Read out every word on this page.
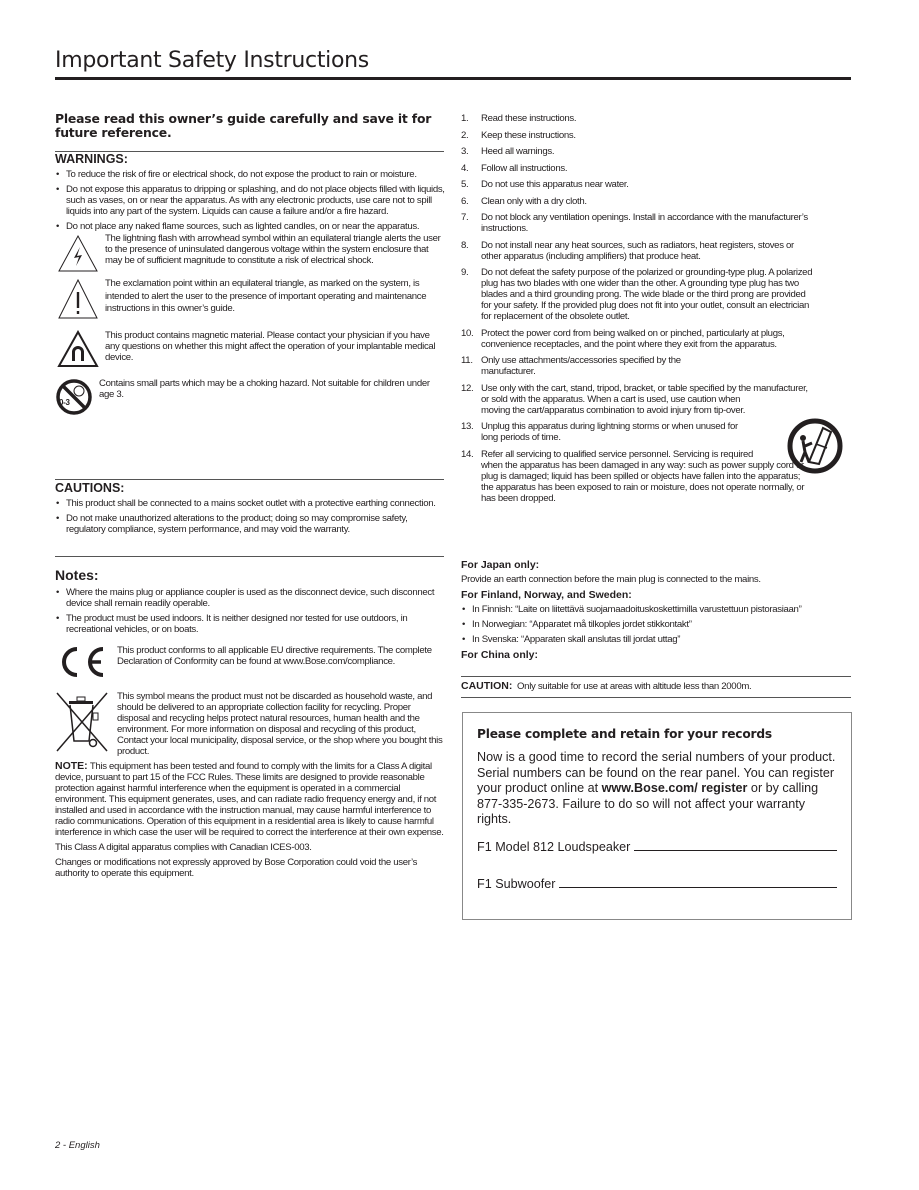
Important Safety Instructions
Please read this owner’s guide carefully and save it for future reference.
WARNINGS:
• To reduce the risk of fire or electrical shock, do not expose the product to rain or moisture.
• Do not expose this apparatus to dripping or splashing, and do not place objects filled with liquids, such as vases, on or near the apparatus. As with any electronic products, use care not to spill liquids into any part of the system. Liquids can cause a failure and/or a fire hazard.
• Do not place any naked flame sources, such as lighted candles, on or near the apparatus.
The lightning flash with arrowhead symbol within an equilateral triangle alerts the user to the presence of uninsulated dangerous voltage within the system enclosure that may be of sufficient magnitude to constitute a risk of electrical shock.
The exclamation point within an equilateral triangle, as marked on the system, is intended to alert the user to the presence of important operating and maintenance instructions in this owner’s guide.
This product contains magnetic material. Please contact your physician if you have any questions on whether this might affect the operation of your implantable medical device.
0-3
Contains small parts which may be a choking hazard. Not suitable for children under age 3.
CAUTIONS:
• This product shall be connected to a mains socket outlet with a protective earthing connection.
• Do not make unauthorized alterations to the product; doing so may compromise safety, regulatory compliance, system performance, and may void the warranty.
Notes:
• Where the mains plug or appliance coupler is used as the disconnect device, such disconnect device shall remain readily operable.
• The product must be used indoors. It is neither designed nor tested for use outdoors, in recreational vehicles, or on boats.
This product conforms to all applicable EU directive requirements. The complete Declaration of Conformity can be found at www.Bose.com/compliance.
This symbol means the product must not be discarded as household waste, and should be delivered to an appropriate collection facility for recycling. Proper disposal and recycling helps protect natural resources, human health and the environment. For more information on disposal and recycling of this product, Contact your local municipality, disposal service, or the shop where you bought this product.

NOTE: This equipment has been tested and found to comply with the limits for a Class A digital device, pursuant to part 15 of the FCC Rules. These limits are designed to provide reasonable protection against harmful interference when the equipment is operated in a commercial environment. This equipment generates, uses, and can radiate radio frequency energy and, if not installed and used in accordance with the instruction manual, may cause harmful interference to radio communications. Operation of this equipment in a residential area is likely to cause harmful interference in which case the user will be required to correct the interference at their own expense.

This Class A digital apparatus complies with Canadian ICES-003.

Changes or modifications not expressly approved by Bose Corporation could void the user’s authority to operate this equipment.

1.	Read these instructions.
2.	Keep these instructions.
3.	Heed all warnings.
4.	Follow all instructions.
5.	Do not use this apparatus near water.
6.	Clean only with a dry cloth.
7.	Do not block any ventilation openings. Install in accordance with the manufacturer’s
instructions.
8.	Do not install near any heat sources, such as radiators, heat registers, stoves or
other apparatus (including amplifiers) that produce heat.
9.	Do not defeat the safety purpose of the polarized or grounding-type plug. A polarized
plug has two blades with one wider than the other. A grounding type plug has two
blades and a third grounding prong. The wide blade or the third prong are provided
for your safety. If the provided plug does not fit into your outlet, consult an electrician
for replacement of the obsolete outlet.
10. Protect the power cord from being walked on or pinched, particularly at plugs,
convenience receptacles, and the point where they exit from the apparatus.
11. Only use attachments/accessories specified by the
manufacturer.
12. Use only with the cart, stand, tripod, bracket, or table specified by the manufacturer,
or sold with the apparatus. When a cart is used, use caution when
moving the cart/apparatus combination to avoid injury from tip-over.
13. Unplug this apparatus during lightning storms or when unused for
long periods of time.
14. Refer all servicing to qualified service personnel. Servicing is required
when the apparatus has been damaged in any way: such as power supply cord or
plug is damaged; liquid has been spilled or objects have fallen into the apparatus;
the apparatus has been exposed to rain or moisture, does not operate normally, or
has been dropped.
For Japan only:
Provide an earth connection before the main plug is connected to the mains.
For Finland, Norway, and Sweden:
• In Finnish: “Laite on liitettävä suojamaadoituskoskettimilla varustettuun pistorasiaan”
• In Norwegian: “Apparatet må tilkoples jordet stikkontakt”
• In Svenska: “Apparaten skall anslutas till jordat uttag”
For China only:
CAUTION: Only suitable for use at areas with altitude less than 2000m.
Please complete and retain for your records
Now is a good time to record the serial numbers of your product. Serial numbers can be found on the rear panel. You can register your product online at www.Bose.com/ register or by calling 877-335-2673. Failure to do so will not affect your warranty rights.
F1 Model 812 Loudspeaker
F1 Subwoofer
2 - English
